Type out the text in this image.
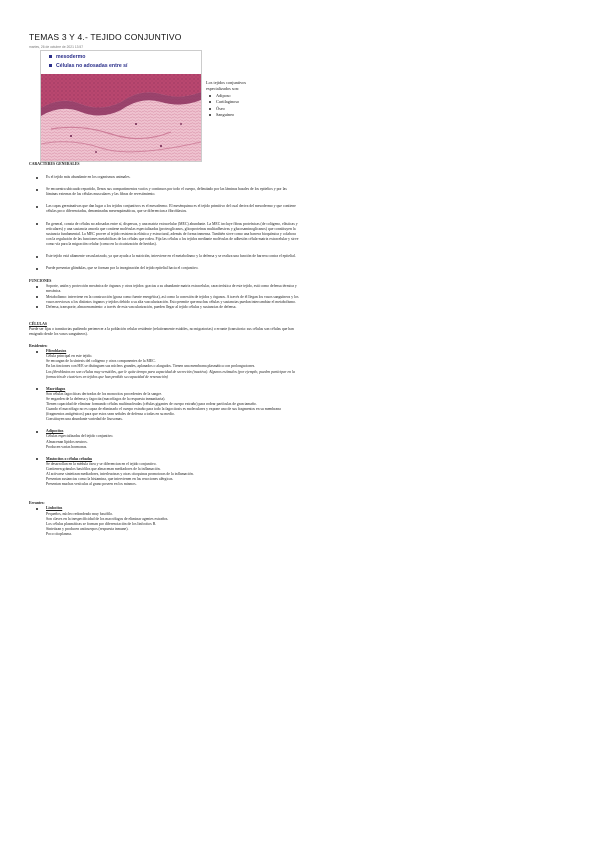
TEMAS 3 Y 4.- TEJIDO CONJUNTIVO
martes, 26 de octubre de 2021 13:57
mesodermo
Células no adosadas entre sí

Los tejidos conjuntivos especializados son:

Adiposo
Cartilaginoso
Óseo
Sanguíneo

CARACTERES GENERALES

Es el tejido más abundante en los organismos animales.
Se encuentra ubicuado repartido, llenos sus compartimentos vacíos y continuos por todo el cuerpo, delimitado por las láminas basales de los epitelios y por las láminas externas de las células musculares y las fibras de revestimiento.
Las capas germinativas que dan lugar a los tejidos conjuntivos es el mesodermo. El mesénquima es el tejido primitivo del cual deriva del mesodermo y que contiene células poco diferenciadas, denominadas mesenquimáticas, que se diferencian a fibroblastos.
En general, consta de células no adosadas entre sí, dispersas, y una matriz extracelular (MEC) abundante. La MEC incluye fibras proteínicas (de colágeno, elásticas y reticulares) y una sustancia amorfa que contiene moléculas especializadas (proteoglicanos, glicoproteínas multiadhesivas y glucosaminoglicanos) que constituyen la sustancia fundamental. La MEC provee al tejido resistencia elástica y estructural, además de forma inmensa. También sirve como una barrera bioquímica y colabora con la regulación de las funciones metabólicas de las células que rodea. Fija las células a los tejidos mediante moléculas de adhesión célula-matriz extracelular y sirve como vía para la migración celular (como en la cicatrización de heridas).
Este tejido está altamente vascularizado, ya que ayuda a la nutrición, interviene en el metabolismo y la defensa y se realiza una función de barrera contra el epitelial.
Puede presentar glándulas, que se forman por la invaginación del tejido epitelial hacia el conjuntivo.

FUNCIONES

Soporte, unión y protección mecánica de órganos y otros tejidos: gracias a su abundante matriz extracelular, característica de este tejido, está como defensa térmica y mecánica.
Metabolismo: interviene en la construcción (grasa como fuente energética), así como la conexión de tejidos y órganos. A través de él llegan los vasos sanguíneos y los vasos nerviosos a los distintos órganos y tejidos debido a su alta vascularización. Esto permite que muchas células y sustancias puedan intercambiar el metabolismo.
Defensa, transporte, almacenamiento: a través de esta vascularización, pueden llegar al tejido células y sustancias de defensa.

CÉLULAS

Puede ser fijas o transitorias pudiendo pertenecer a la población celular residente (relativamente estables, no migratorias) o errante (transitoria: sus células son células que han emigrado desde los vasos sanguíneos).

Residentes:

Fibroblastos

Célula principal en este tejido.

Se encargan de la síntesis del colágeno y otros componentes de la MEC.

En las tinciones con H/E se distinguen sus núcleos grandes, aplanados o alargados. Tienen una membrana plasmática con prolongaciones.

Los fibroblastos no son células muy versátiles, que le quite tiempo para capacidad de secreción (inactiva). Algunos estímulos (por ejemplo, pueden participar en la formación de cicatrices en tejidos que han perdido su capacidad de renovación)

Macrófagos

Son células fagocíticas derivadas de los monocitos procedentes de la sangre.

Se engarden de la defensa y fagocita (macrófagos de la respuesta inmunitaria).

Tienen capacidad de eliminar formando células multinucleadas (células gigantes de cuerpo extraño) para rodear partículas de gran tamaño.

Cuando el macrófago no es capaz de eliminarlo el cuerpo extraño para todo la fagocitosis es moleculares y expone uno de sus fragmentos en su membrana (fragmentos antigénicos) para que estos sean señales de defensa a todas en su medio.

Constituyen una abundante variedad de lisosomas.

Adipocitos

Células especializadas del tejido conjuntivo.

Almacenan lípidos neutros.

Producen varias hormonas.

Mastocitos o células cebadas

Se desarrollan en la médula ósea y se diferencian en el tejido conjuntivo.

Contienen gránulos basófilos que almacenan mediadores de la inflamación.

Al activarse sintetizan mediadores, interleucinas y otras citoquinas promotoras de la inflamación.

Presentan sustancias como la histamina, que intervienen en las reacciones alérgicas.

Presentan muchas vesículas al grano poseen en los mismos.

Errantes:

Linfocitos

Pequeños, núcleo redondeado muy basófilo.

Son claves en la inespecíficidad de los macrófagos de eliminar agentes extraños.

Los células plasmáticas se forman por diferenciación de los linfocitos B.

Sintetizan y producen anticuerpos (respuesta inmune).

Poco citoplasma.
